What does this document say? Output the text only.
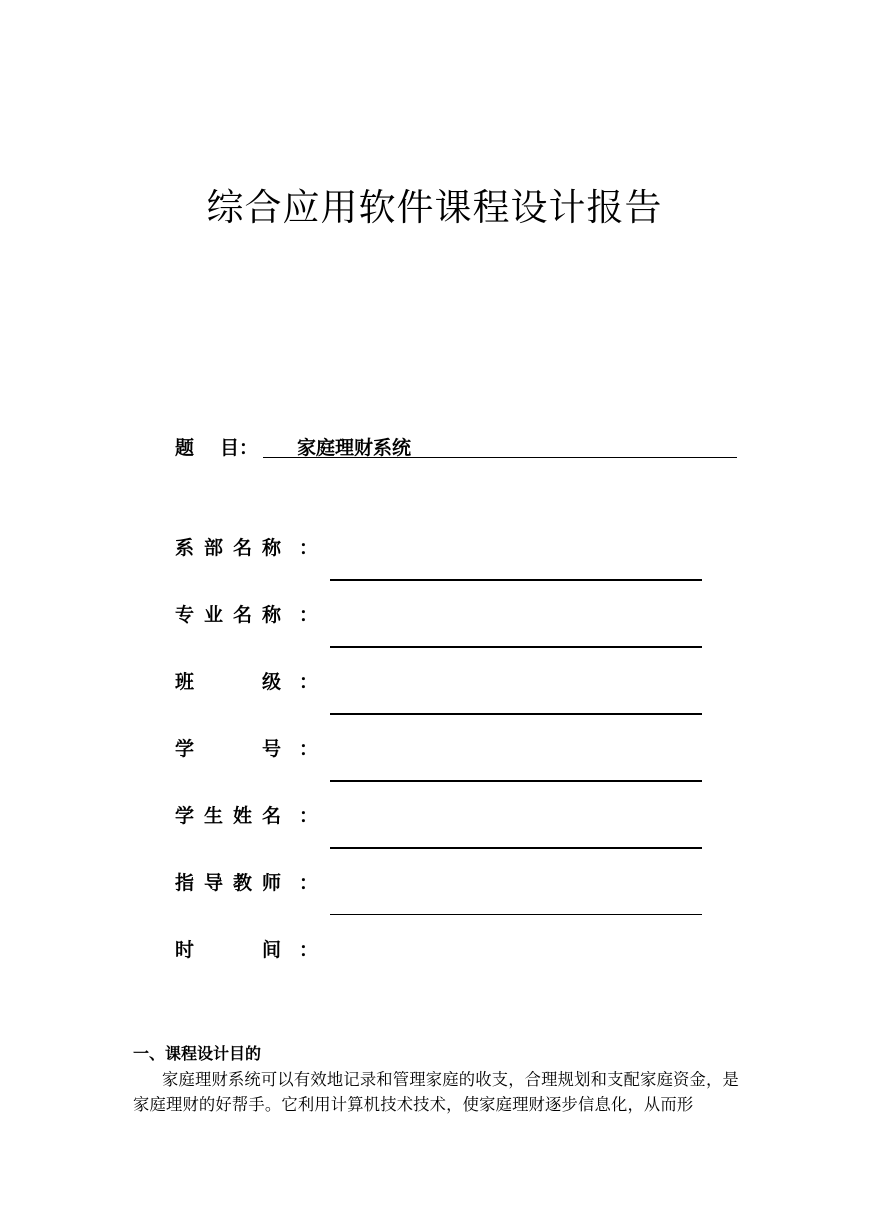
综合应用软件课程设计报告
题 目：	家庭理财系统
系 部 名 称 ：
专 业 名 称 ：
班	级 ：
学	号 ：
学 生 姓 名 ：
指 导 教 师 ：
时	间 ：
一、课程设计目的

家庭理财系统可以有效地记录和管理家庭的收支，合理规划和支配家庭资金，是家庭理财的好帮手。它利用计算机技术技术，使家庭理财逐步信息化，从而形
